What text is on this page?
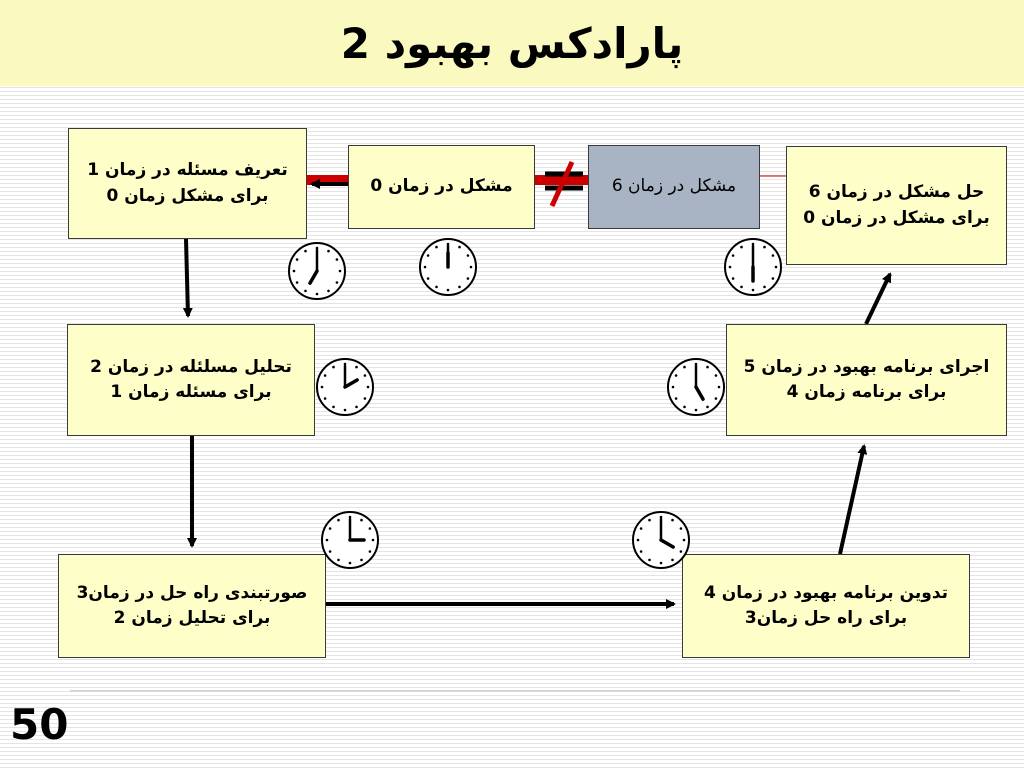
پارادکس بهبود 2
تعریف مسئله در زمان 1
برای مشکل زمان 0	مشکل در زمان 0	مشکل در زمان 6	حل مشکل در زمان 6
برای مشکل در زمان 0
تحلیل مسلئله در زمان 2
برای مسئله زمان 1
اجرای برنامه بهبود در زمان 5
برای برنامه زمان 4
صورتبندی راه حل در زمان3
برای تحلیل زمان 2
تدوین برنامه بهبود در زمان 4
برای راه حل زمان3
50
